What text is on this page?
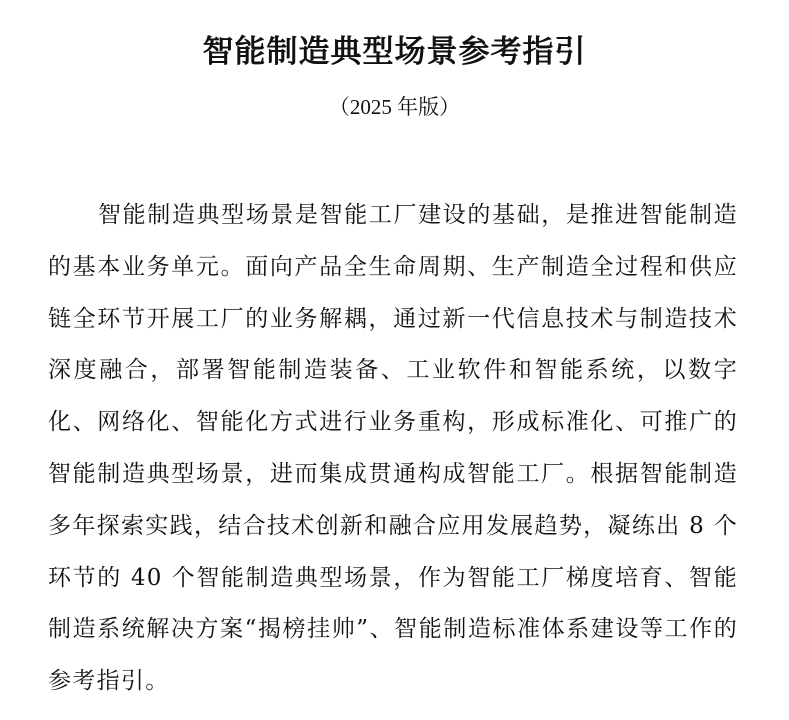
智能制造典型场景参考指引
（2025 年版）

智能制造典型场景是智能工厂建设的基础，是推进智能制造的基本业务单元。面向产品全生命周期、生产制造全过程和供应链全环节开展工厂的业务解耦，通过新一代信息技术与制造技术深度融合，部署智能制造装备、工业软件和智能系统，以数字化、网络化、智能化方式进行业务重构，形成标准化、可推广的智能制造典型场景，进而集成贯通构成智能工厂。根据智能制造多年探索实践，结合技术创新和融合应用发展趋势，凝练出 8 个环节的 40 个智能制造典型场景，作为智能工厂梯度培育、智能制造系统解决方案“揭榜挂帅”、智能制造标准体系建设等工作的参考指引。
